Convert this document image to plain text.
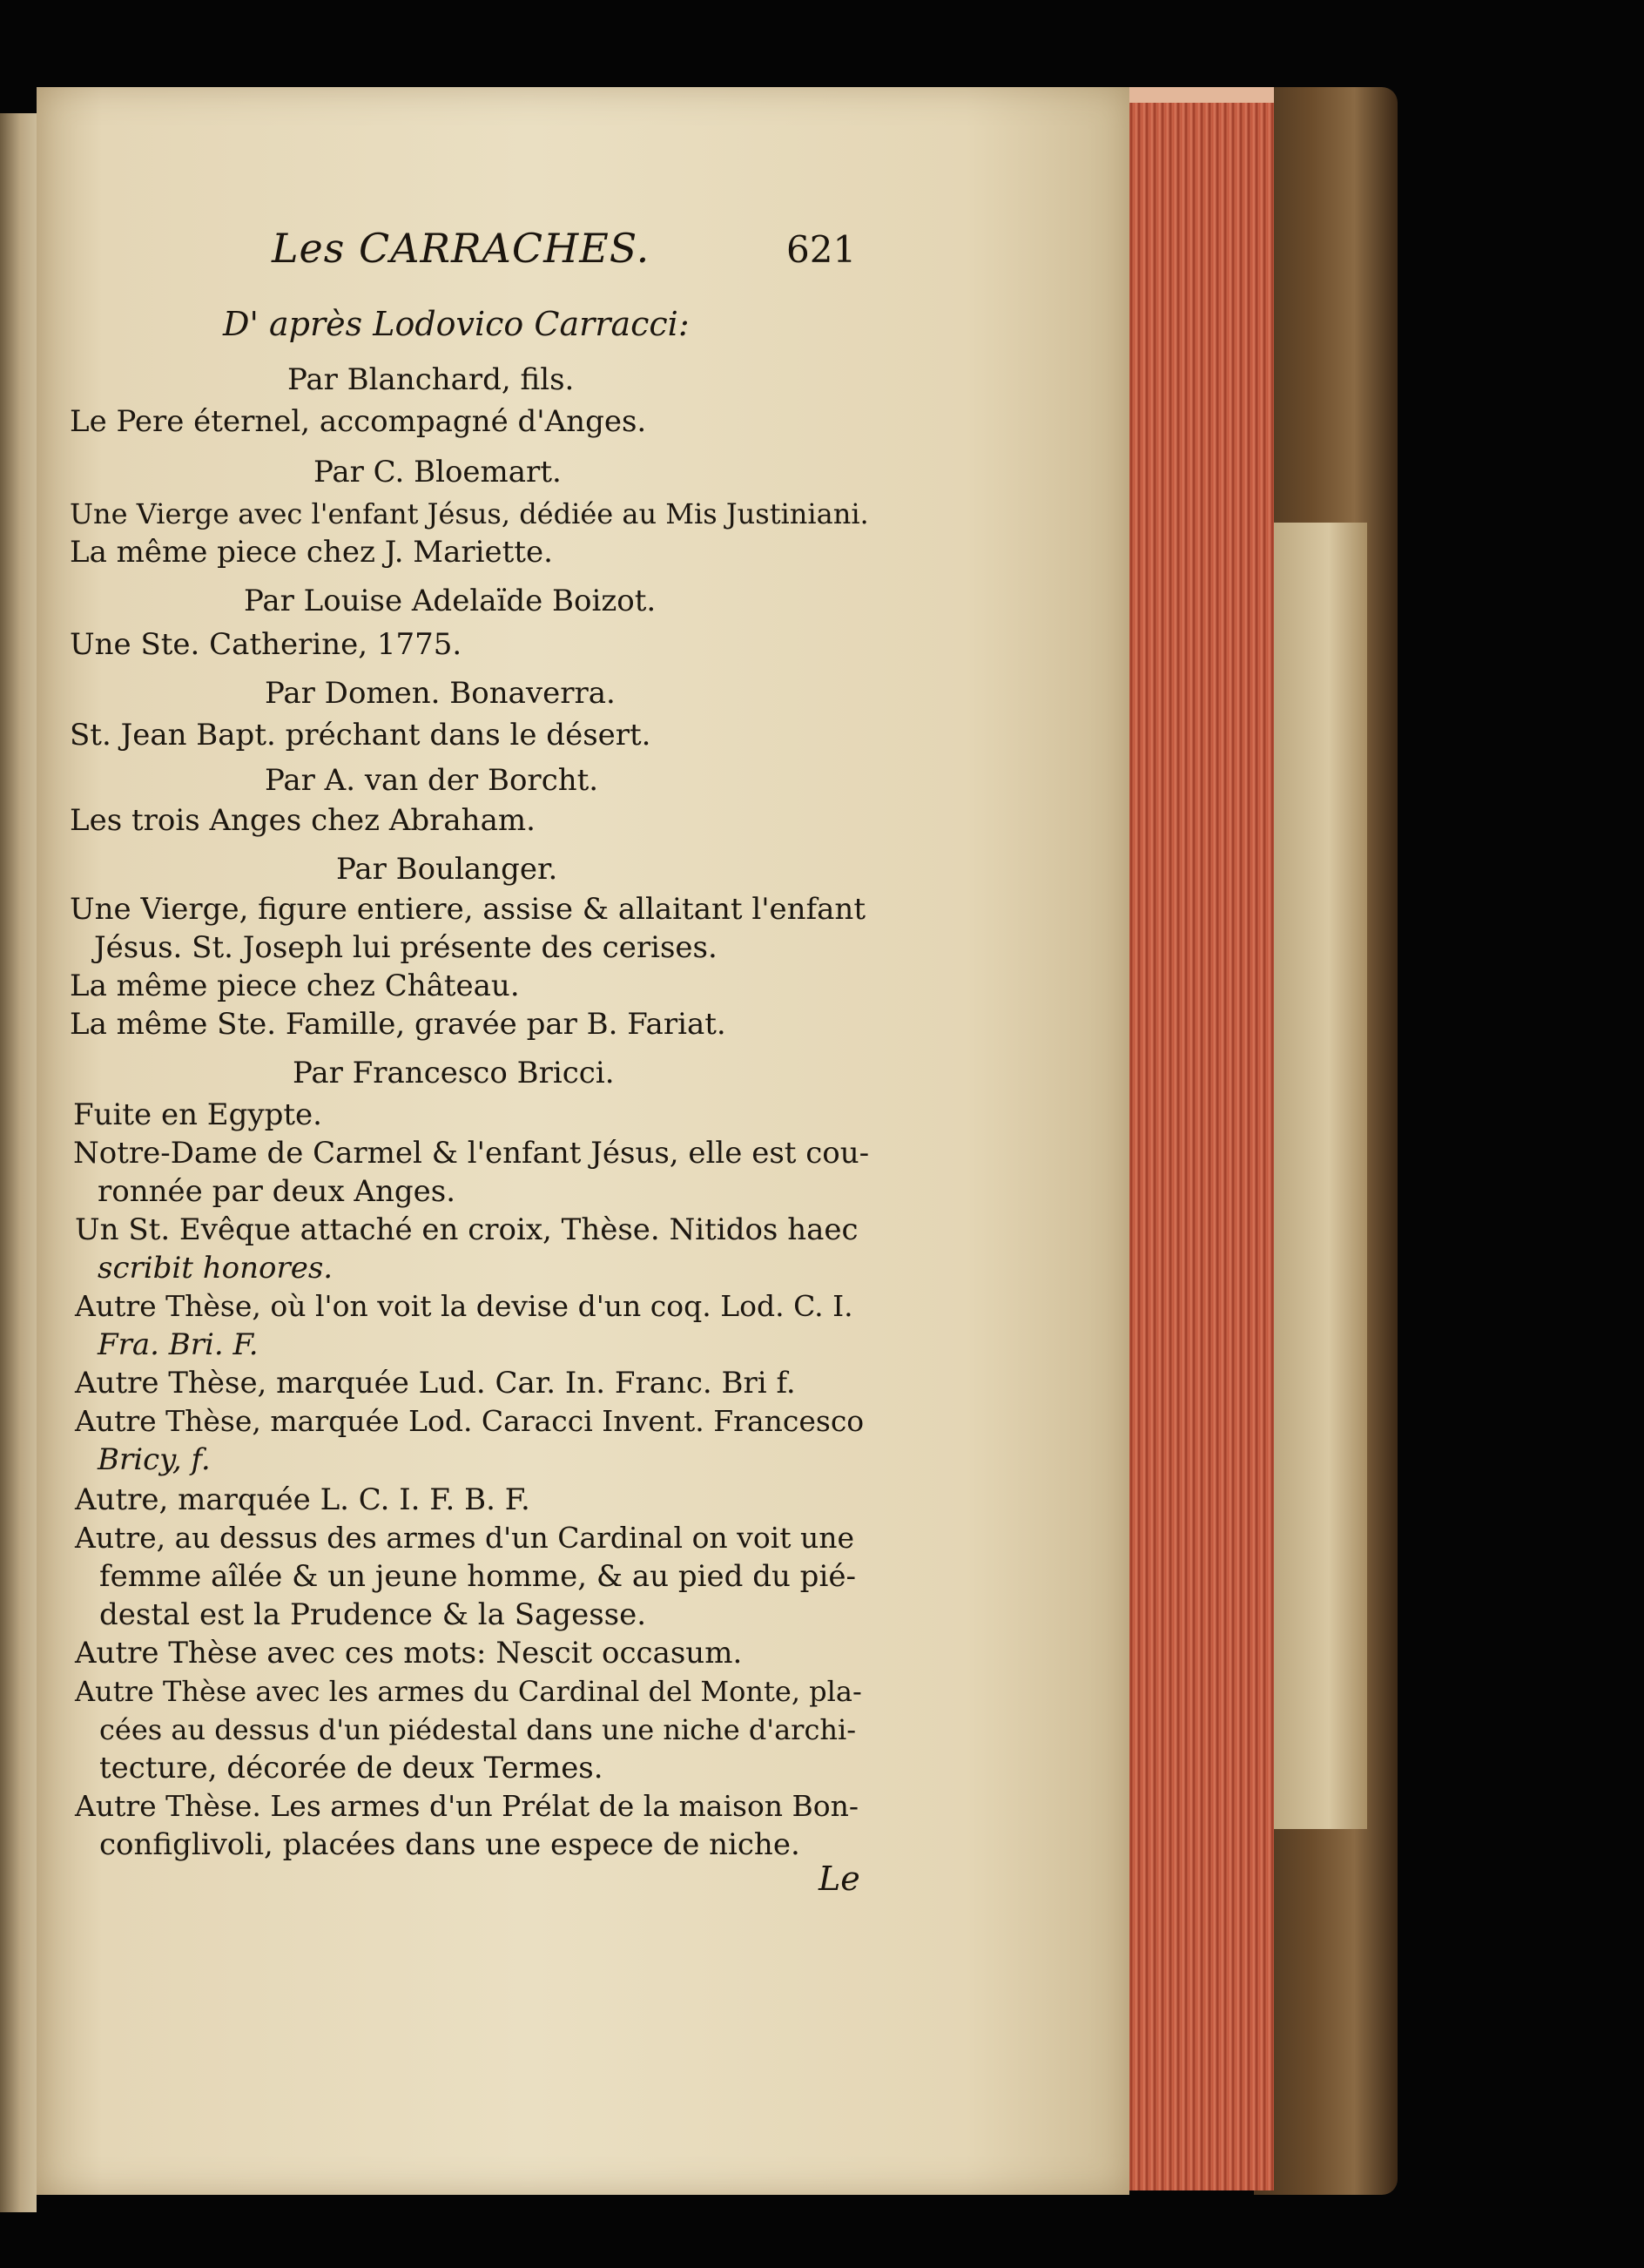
Les CARRACHES.	621
D' après Lodovico Carracci:
Par Blanchard, fils.
Le Pere éternel, accompagné d'Anges.
Par C. Bloemart.
Une Vierge avec l'enfant Jésus, dédiée au Mis Justiniani.
La même piece chez J. Mariette.
Par Louise Adelaïde Boizot.
Une Ste. Catherine, 1775.
Par Domen. Bonaverra.
St. Jean Bapt. préchant dans le désert.
Par A. van der Borcht.
Les trois Anges chez Abraham.
Par Boulanger.
Une Vierge, figure entiere, assise & allaitant l'enfant
Jésus. St. Joseph lui présente des cerises.
La même piece chez Château.
La même Ste. Famille, gravée par B. Fariat.
Par Francesco Bricci.
Fuite en Egypte.
Notre-Dame de Carmel & l'enfant Jésus, elle est cou-
ronnée par deux Anges.
Un St. Evêque attaché en croix, Thèse. Nitidos haec
scribit honores.
Autre Thèse, où l'on voit la devise d'un coq. Lod. C. I.
Fra. Bri. F.
Autre Thèse, marquée Lud. Car. In. Franc. Bri f.
Autre Thèse, marquée Lod. Caracci Invent. Francesco
Bricy, f.
Autre, marquée L. C. I. F. B. F.
Autre, au dessus des armes d'un Cardinal on voit une
femme aîlée & un jeune homme, & au pied du pié-
destal est la Prudence & la Sagesse.
Autre Thèse avec ces mots: Nescit occasum.
Autre Thèse avec les armes du Cardinal del Monte, pla-
cées au dessus d'un piédestal dans une niche d'archi-
tecture, décorée de deux Termes.
Autre Thèse. Les armes d'un Prélat de la maison Bon-
configlivoli, placées dans une espece de niche.
Le
